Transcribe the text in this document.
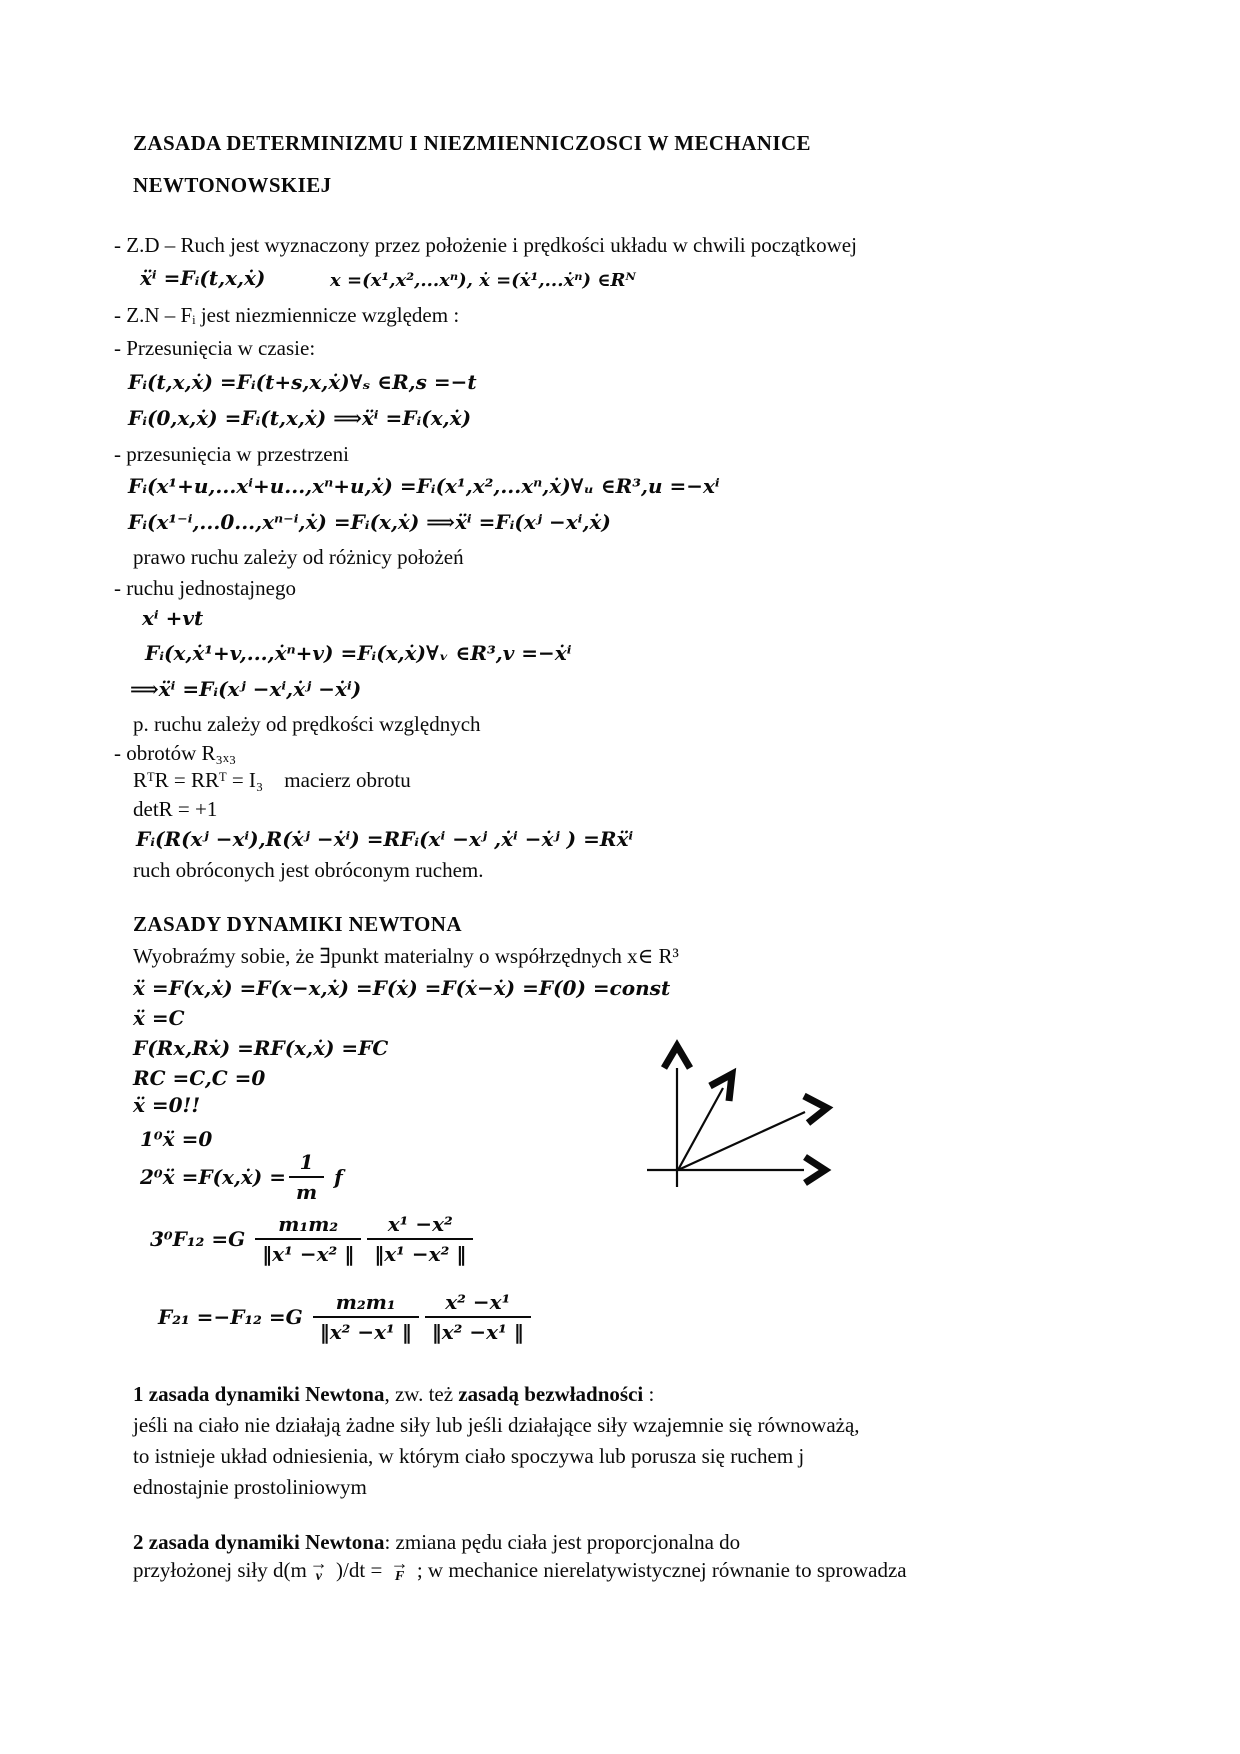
ZASADA DETERMINIZMU I NIEZMIENNICZOSCI W MECHANICE
NEWTONOWSKIEJ
- Z.D – Ruch jest wyznaczony przez położenie i prędkości układu w chwili początkowej
ẍⁱ =Fᵢ(t,x,ẋ)	x =(x¹,x²,...xⁿ), ẋ =(ẋ¹,...ẋⁿ) ∈Rᴺ
- Z.N – Fᵢ jest niezmiennicze względem :
- Przesunięcia w czasie:
Fᵢ(t,x,ẋ) =Fᵢ(t+s,x,ẋ)∀ₛ ∈R,s =−t
Fᵢ(0,x,ẋ) =Fᵢ(t,x,ẋ) ⟹ẍⁱ =Fᵢ(x,ẋ)
- przesunięcia w przestrzeni
Fᵢ(x¹+u,...xⁱ+u...,xⁿ+u,ẋ) =Fᵢ(x¹,x²,...xⁿ,ẋ)∀ᵤ ∈R³,u =−xⁱ
Fᵢ(x¹⁻ⁱ,...0...,xⁿ⁻ⁱ,ẋ) =Fᵢ(x,ẋ) ⟹ẍⁱ =Fᵢ(xʲ −xⁱ,ẋ)
prawo ruchu zależy od różnicy położeń
- ruchu jednostajnego
xⁱ +vt
Fᵢ(x,ẋ¹+v,...,ẋⁿ+v) =Fᵢ(x,ẋ)∀ᵥ ∈R³,v =−ẋⁱ
⟹ẍⁱ =Fᵢ(xʲ −xⁱ,ẋʲ −ẋⁱ)
p. ruchu zależy od prędkości względnych
- obrotów R₃ₓ₃
RᵀR = RRᵀ = I₃    macierz obrotu
detR = +1
Fᵢ(R(xʲ −xⁱ),R(ẋʲ −ẋⁱ) =RFᵢ(xⁱ −xʲ ,ẋⁱ −ẋʲ ) =Rẍⁱ
ruch obróconych jest obróconym ruchem.
ZASADY DYNAMIKI NEWTONA
Wyobraźmy sobie, że ∃punkt materialny o współrzędnych x∈ R³
ẍ =F(x,ẋ) =F(x−x,ẋ) =F(ẋ) =F(ẋ−ẋ) =F(0) =const
ẍ =C
F(Rx,Rẋ) =RF(x,ẋ) =FC
RC =C,C =0
ẍ =0!!
1⁰ẍ =0
2⁰ẍ =F(x,ẋ) = $\frac{1}{m}$ f
$3^0F_{12} =G \frac{\text{m₁m₂}}{\text{‖x¹ −x² ‖}} \frac{\text{x¹ −x²}}{\text{‖x¹ −x² ‖}}$
$F_{21} =-F_{12} =G \frac{\text{m₂m₁}}{\text{‖x² −x¹ ‖}} \frac{\text{x² −x¹}}{\text{‖x² −x¹ ‖}}$
1 zasada dynamiki Newtona, zw. też zasadą bezwładności :
jeśli na ciało nie działają żadne siły lub jeśli działające siły wzajemnie się równoważą,
to istnieje układ odniesienia, w którym ciało spoczywa lub porusza się ruchem j
ednostajnie prostoliniowym
2 zasada dynamiki Newtona: zmiana pędu ciała jest proporcjonalna do
przyłożonej siły d(m →
v )/dt = →
F ; w mechanice nierelatywistycznej równanie to sprowadza
